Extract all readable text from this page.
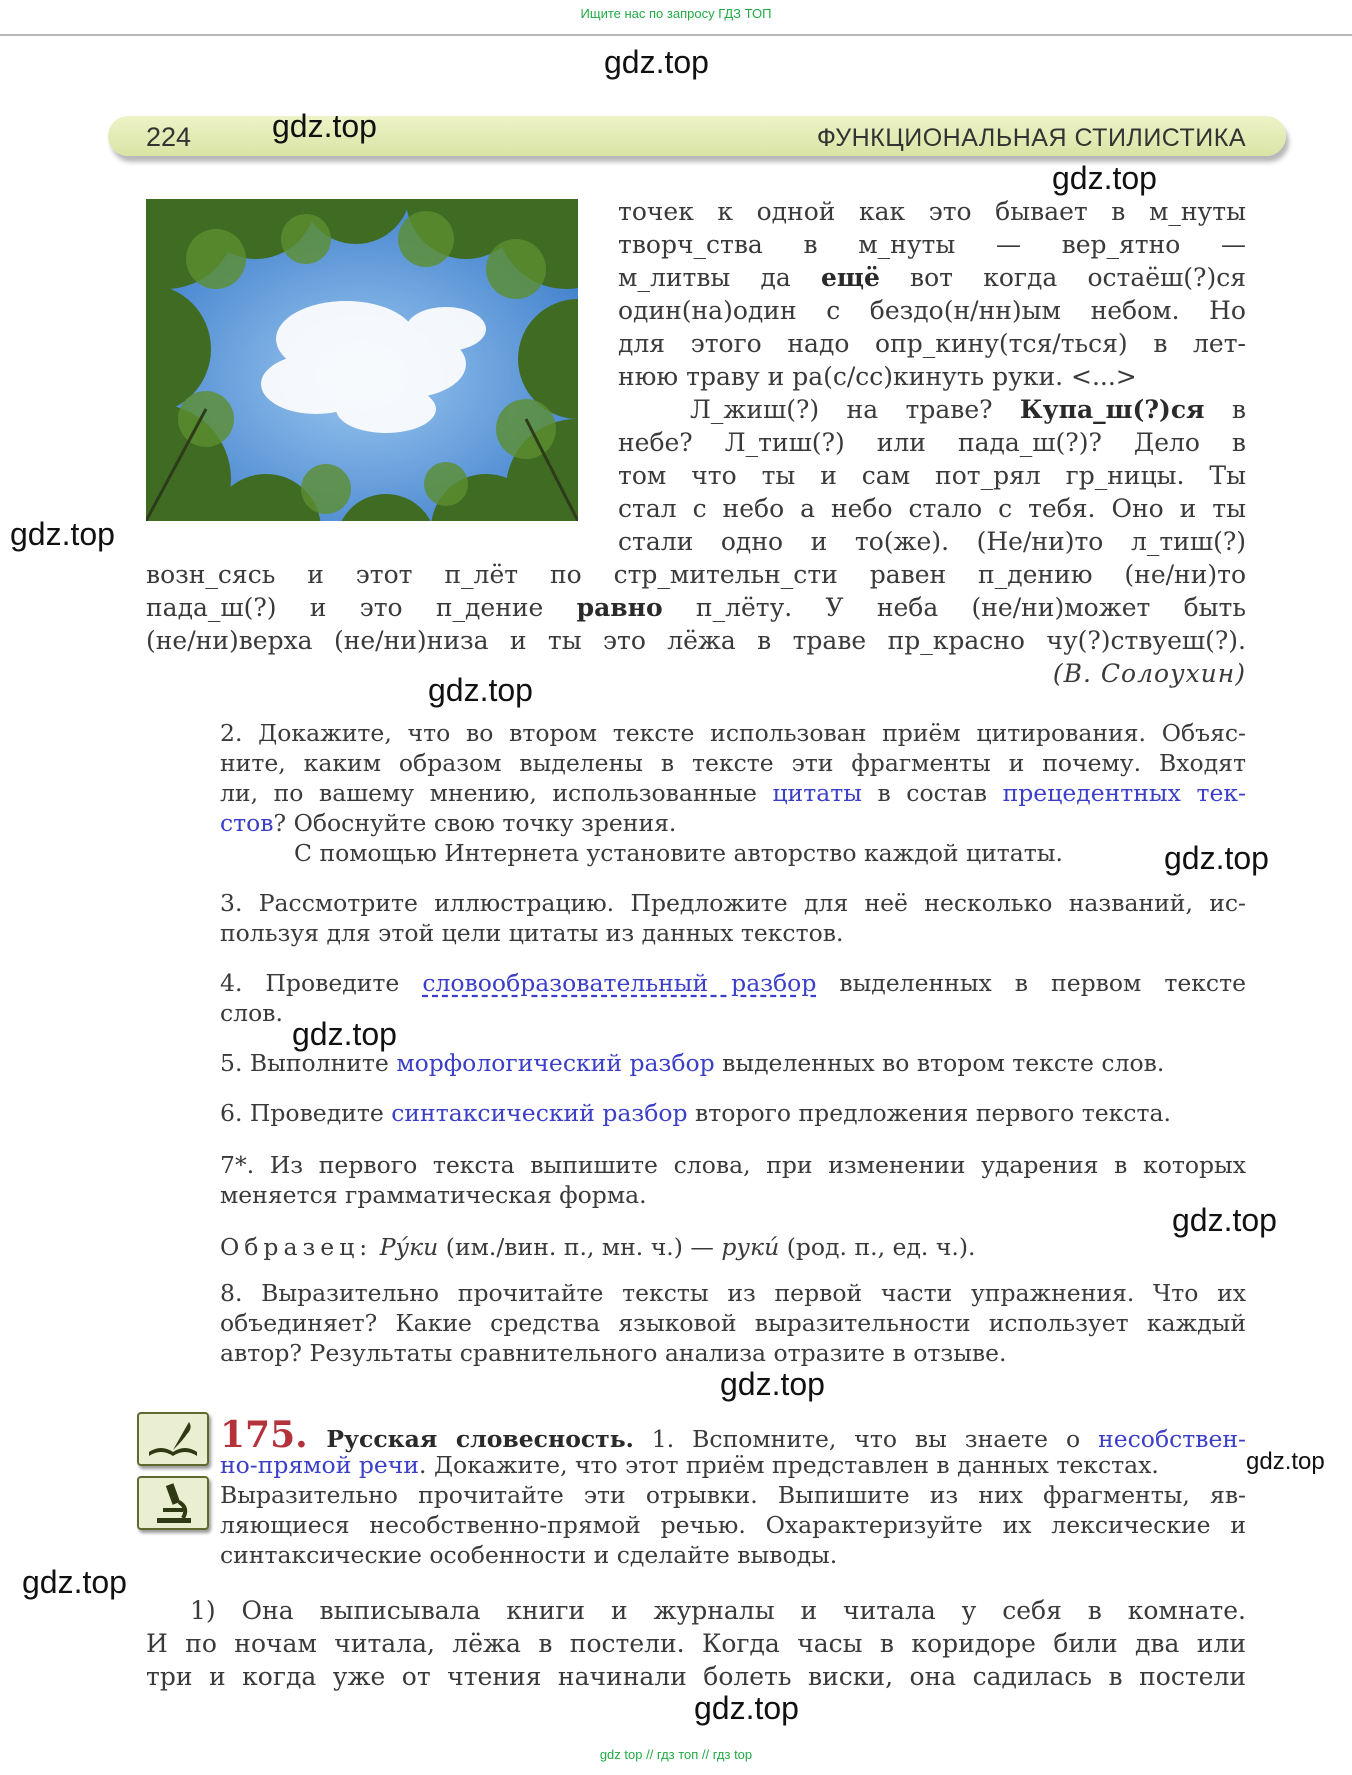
Ищите нас по запросу ГДЗ ТОП
224	ФУНКЦИОНАЛЬНАЯ СТИЛИСТИКА
точек к одной как это бывает в м_нуты
творч_ства в м_нуты — вер_ятно —
м_литвы да ещё вот когда остаёш(?)ся
один(на)один с бездо(н/нн)ым небом. Но
для этого надо опр_кину(тся/ться) в лет-
нюю траву и ра(с/сс)кинуть руки. <...>
Л_жиш(?) на траве? Купа_ш(?)ся в
небе? Л_тиш(?) или пада_ш(?)? Дело в
том что ты и сам пот_рял гр_ницы. Ты
стал с небо а небо стало с тебя. Оно и ты
стали одно и то(же). (Не/ни)то л_тиш(?)
возн_сясь и этот п_лёт по стр_мительн_сти равен п_дению (не/ни)то
пада_ш(?) и это п_дение равно п_лёту. У неба (не/ни)может быть
(не/ни)верха (не/ни)низа и ты это лёжа в траве пр_красно чу(?)ствуеш(?).
(В. Солоухин)
2. Докажите, что во втором тексте использован приём цитирования. Объяс-
ните, каким образом выделены в тексте эти фрагменты и почему. Входят
ли, по вашему мнению, использованные цитаты в состав прецедентных тек-
стов? Обоснуйте свою точку зрения.
С помощью Интернета установите авторство каждой цитаты.
3. Рассмотрите иллюстрацию. Предложите для неё несколько названий, ис-
пользуя для этой цели цитаты из данных текстов.
4. Проведите словообразовательный разбор выделенных в первом тексте
слов.
5. Выполните морфологический разбор выделенных во втором тексте слов.
6. Проведите синтаксический разбор второго предложения первого текста.
7*. Из первого текста выпишите слова, при изменении ударения в которых
меняется грамматическая форма.
Образец: Ру́ки (им./вин. п., мн. ч.) — руки́ (род. п., ед. ч.).
8. Выразительно прочитайте тексты из первой части упражнения. Что их
объединяет? Какие средства языковой выразительности использует каждый
автор? Результаты сравнительного анализа отразите в отзыве.
175. Русская словесность. 1. Вспомните, что вы знаете о несобствен-
но-прямой речи. Докажите, что этот приём представлен в данных текстах.
Выразительно прочитайте эти отрывки. Выпишите из них фрагменты, яв-
ляющиеся несобственно-прямой речью. Охарактеризуйте их лексические и
синтаксические особенности и сделайте выводы.
1) Она выписывала книги и журналы и читала у себя в комнате.
И по ночам читала, лёжа в постели. Когда часы в коридоре били два или
три и когда уже от чтения начинали болеть виски, она садилась в постели
gdz.top
gdz.top
gdz.top
gdz.top
gdz.top
gdz.top
gdz.top
gdz.top
gdz.top
gdz.top
gdz.top
gdz.top
gdz top // гдз топ // гдз top
